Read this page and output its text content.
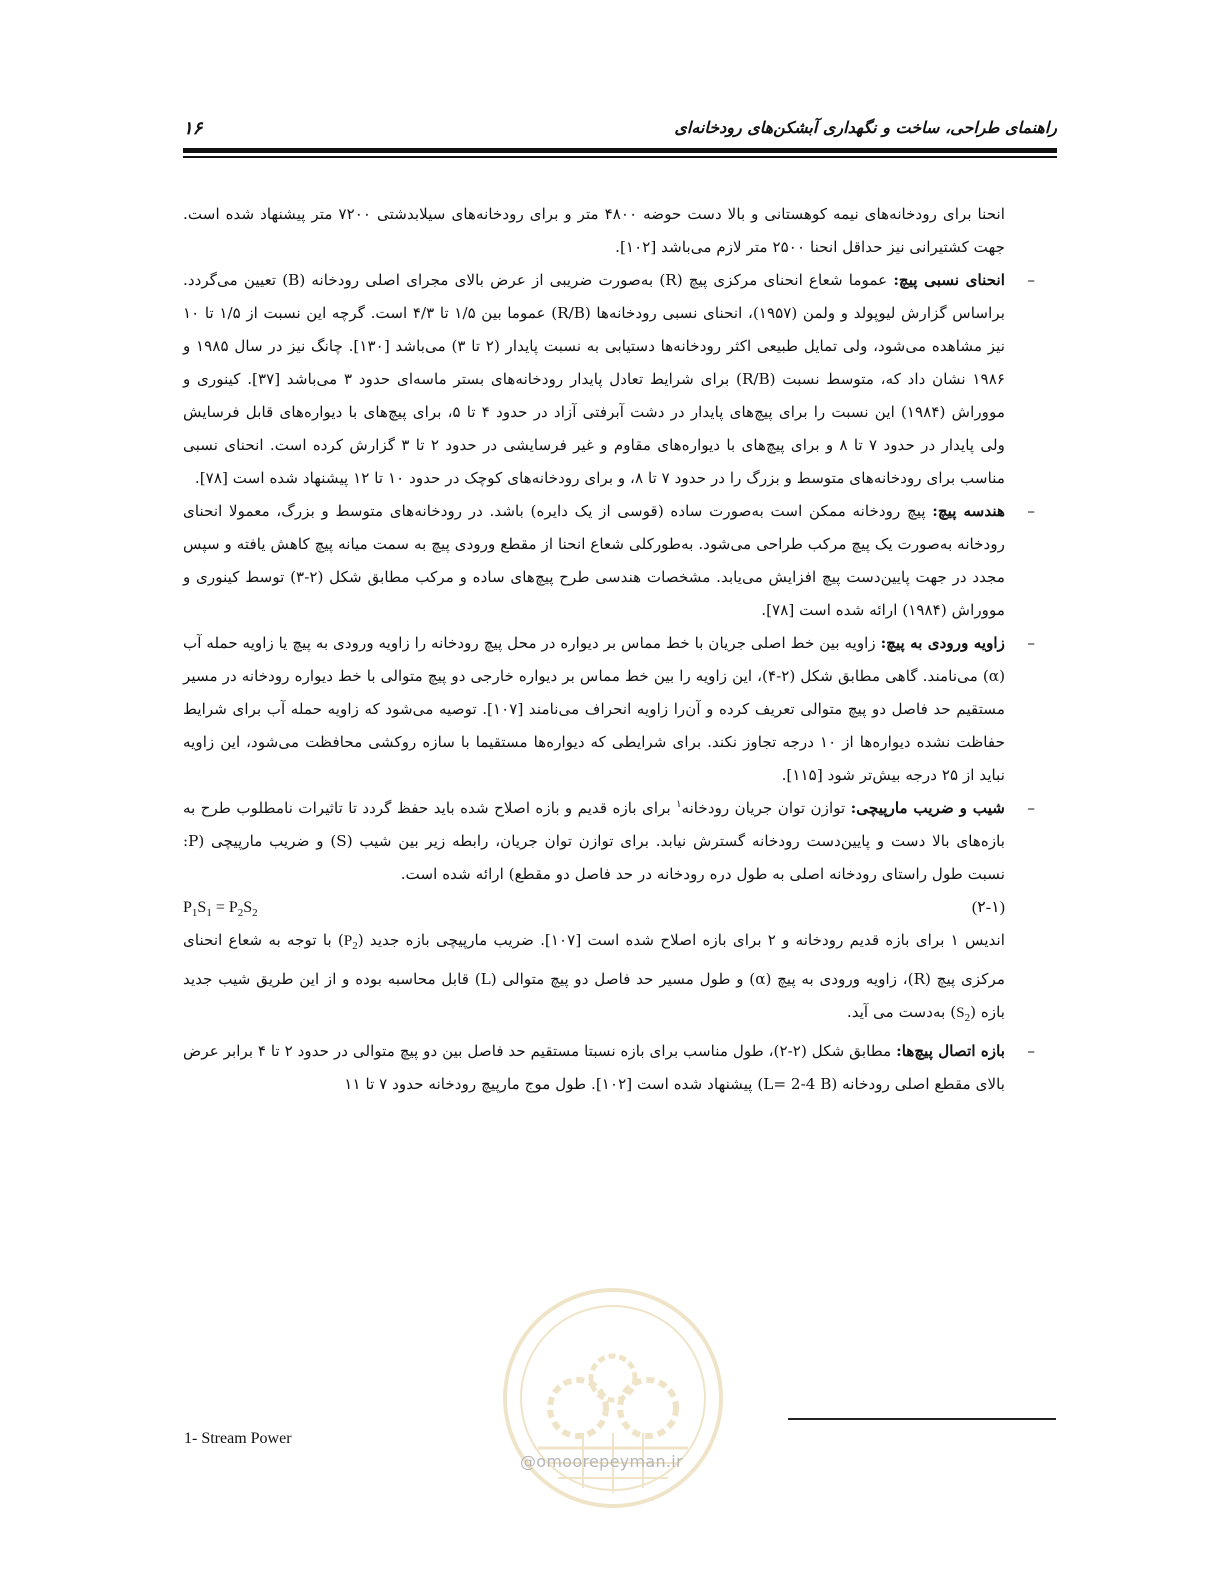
۱۶	راهنمای طراحی، ساخت و نگهداری آبشکن‌های رودخانه‌ای

انحنا برای رودخانه‌های نیمه کوهستانی و بالا دست حوضه ۴۸۰۰ متر و برای رودخانه‌های سیلابدشتی ۷۲۰۰ متر پیشنهاد شده است. جهت کشتیرانی نیز حداقل انحنا ۲۵۰۰ متر لازم می‌باشد [۱۰۲].

–
انحنای نسبی پیچ: عموما شعاع انحنای مرکزی پیچ (R) به‌صورت ضریبی از عرض بالای مجرای اصلی رودخانه (B) تعیین می‌گردد. براساس گزارش لیوپولد و ولمن (۱۹۵۷)، انحنای نسبی رودخانه‌ها (R/B) عموما بین ۱/۵ تا ۴/۳ است. گرچه این نسبت از ۱/۵ تا ۱۰ نیز مشاهده می‌شود، ولی تمایل طبیعی اکثر رودخانه‌ها دستیابی به نسبت پایدار (۲ تا ۳) می‌باشد [۱۳۰]. چانگ نیز در سال ۱۹۸۵ و ۱۹۸۶ نشان داد که، متوسط نسبت (R/B) برای شرایط تعادل پایدار رودخانه‌های بستر ماسه‌ای حدود ۳ می‌باشد [۳۷]. کینوری و مووراش (۱۹۸۴) این نسبت را برای پیچ‌های پایدار در دشت آبرفتی آزاد در حدود ۴ تا ۵، برای پیچ‌های با دیواره‌های قابل فرسایش ولی پایدار در حدود ۷ تا ۸ و برای پیچ‌های با دیواره‌های مقاوم و غیر فرسایشی در حدود ۲ تا ۳ گزارش کرده است. انحنای نسبی مناسب برای رودخانه‌های متوسط و بزرگ را در حدود ۷ تا ۸، و برای رودخانه‌های کوچک در حدود ۱۰ تا ۱۲ پیشنهاد شده است [۷۸].

–
هندسه پیچ: پیچ رودخانه ممکن است به‌صورت ساده (قوسی از یک دایره) باشد. در رودخانه‌های متوسط و بزرگ، معمولا انحنای رودخانه به‌صورت یک پیچ مرکب طراحی می‌شود. به‌طورکلی شعاع انحنا از مقطع ورودی پیچ به سمت میانه پیچ کاهش یافته و سپس مجدد در جهت پایین‌دست پیچ افزایش می‌یابد. مشخصات هندسی طرح پیچ‌های ساده و مرکب مطابق شکل (۲-۳) توسط کینوری و مووراش (۱۹۸۴) ارائه شده است [۷۸].

–
زاویه ورودی به پیچ: زاویه بین خط اصلی جریان با خط مماس بر دیواره در محل پیچ رودخانه را زاویه ورودی به پیچ یا زاویه حمله آب (α) می‌نامند. گاهی مطابق شکل (۲-۴)، این زاویه را بین خط مماس بر دیواره خارجی دو پیچ متوالی با خط دیواره رودخانه در مسیر مستقیم حد فاصل دو پیچ متوالی تعریف کرده و آن‌را زاویه انحراف می‌نامند [۱۰۷]. توصیه می‌شود که زاویه حمله آب برای شرایط حفاظت نشده دیواره‌ها از ۱۰ درجه تجاوز نکند. برای شرایطی که دیواره‌ها مستقیما با سازه روکشی محافظت می‌شود، این زاویه نباید از ۲۵ درجه بیش‌تر شود [۱۱۵].

–
شیب و ضریب مارپیچی: توازن توان جریان رودخانه$^۱$ برای بازه قدیم و بازه اصلاح شده باید حفظ گردد تا تاثیرات نامطلوب طرح به بازه‌های بالا دست و پایین‌دست رودخانه گسترش نیابد. برای توازن توان جریان، رابطه زیر بین شیب (S) و ضریب مارپیچی (P: نسبت طول راستای رودخانه اصلی به طول دره رودخانه در حد فاصل دو مقطع) ارائه شده است.

$P_1S_1 = P_2S_2$	(۲-۱)

اندیس ۱ برای بازه قدیم رودخانه و ۲ برای بازه اصلاح شده است [۱۰۷]. ضریب مارپیچی بازه جدید $(P_2)$ با توجه به شعاع انحنای مرکزی پیچ (R)، زاویه ورودی به پیچ (α) و طول مسیر حد فاصل دو پیچ متوالی (L) قابل محاسبه بوده و از این طریق شیب جدید بازه $(S_2)$ به‌دست می آید.

–
بازه اتصال پیچ‌ها: مطابق شکل (۲-۲)، طول مناسب برای بازه نسبتا مستقیم حد فاصل بین دو پیچ متوالی در حدود ۲ تا ۴ برابر عرض بالای مقطع اصلی رودخانه (L= 2-4 B) پیشنهاد شده است [۱۰۲]. طول موج مارپیچ رودخانه حدود ۷ تا ۱۱

@omoorepeyman.ir
1- Stream Power
